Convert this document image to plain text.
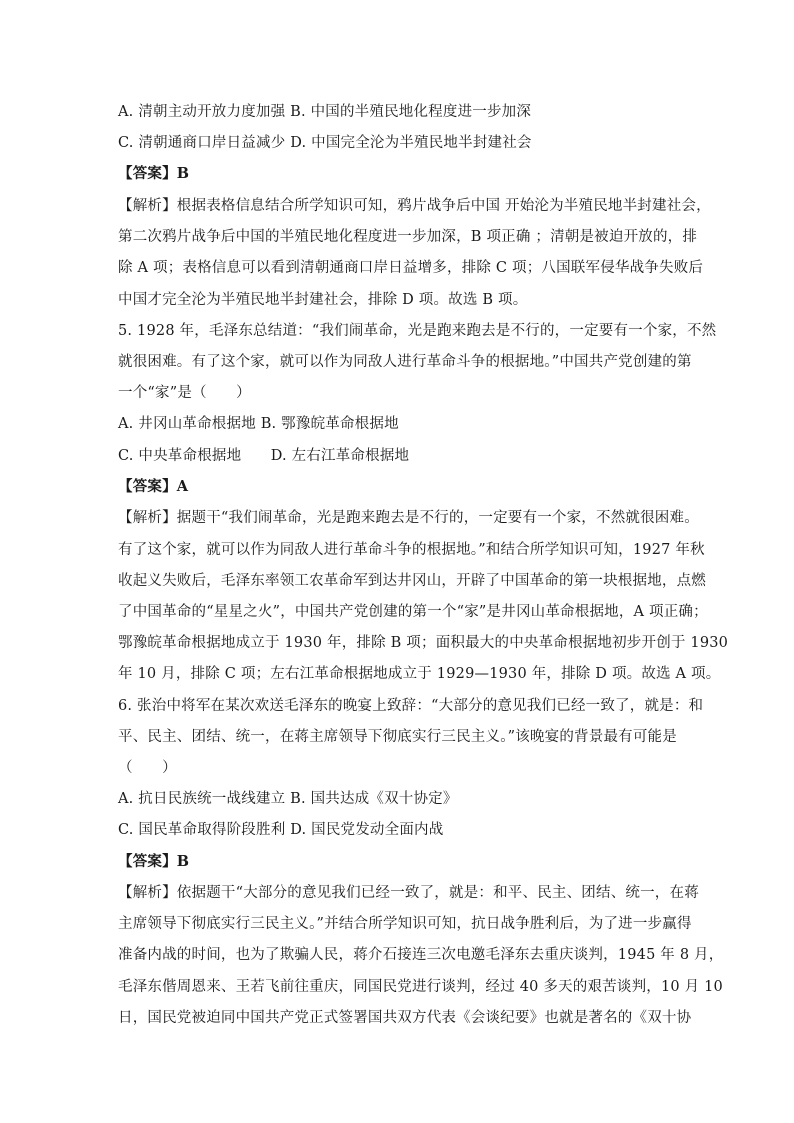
A. 清朝主动开放力度加强 B. 中国的半殖民地化程度进一步加深
C. 清朝通商口岸日益减少 D. 中国完全沦为半殖民地半封建社会
【答案】B
【解析】根据表格信息结合所学知识可知，鸦片战争后中国 开始沦为半殖民地半封建社会，
第二次鸦片战争后中国的半殖民地化程度进一步加深，B 项正确 ；清朝是被迫开放的，排
除 A 项；表格信息可以看到清朝通商口岸日益增多，排除 C 项；八国联军侵华战争失败后
中国才完全沦为半殖民地半封建社会，排除 D 项。故选 B 项。
5. 1928 年，毛泽东总结道：“我们闹革命，光是跑来跑去是不行的，一定要有一个家，不然
就很困难。有了这个家，就可以作为同敌人进行革命斗争的根据地。”中国共产党创建的第
一个“家”是（　　）
A. 井冈山革命根据地 B. 鄂豫皖革命根据地
C. 中央革命根据地　　D. 左右江革命根据地
【答案】A
【解析】据题干“我们闹革命，光是跑来跑去是不行的，一定要有一个家，不然就很困难。
有了这个家，就可以作为同敌人进行革命斗争的根据地。”和结合所学知识可知，1927 年秋
收起义失败后，毛泽东率领工农革命军到达井冈山，开辟了中国革命的第一块根据地，点燃
了中国革命的“星星之火”，中国共产党创建的第一个“家”是井冈山革命根据地，A 项正确；
鄂豫皖革命根据地成立于 1930 年，排除 B 项；面积最大的中央革命根据地初步开创于 1930
年 10 月，排除 C 项；左右江革命根据地成立于 1929—1930 年，排除 D 项。故选 A 项。
6. 张治中将军在某次欢送毛泽东的晚宴上致辞：“大部分的意见我们已经一致了，就是：和
平、民主、团结、统一，在蒋主席领导下彻底实行三民主义。”该晚宴的背景最有可能是
（　　）
A. 抗日民族统一战线建立 B. 国共达成《双十协定》
C. 国民革命取得阶段胜利 D. 国民党发动全面内战
【答案】B
【解析】依据题干“大部分的意见我们已经一致了，就是：和平、民主、团结、统一，在蒋
主席领导下彻底实行三民主义。”并结合所学知识可知，抗日战争胜利后，为了进一步赢得
准备内战的时间，也为了欺骗人民，蒋介石接连三次电邀毛泽东去重庆谈判，1945 年 8 月，
毛泽东偕周恩来、王若飞前往重庆，同国民党进行谈判，经过 40 多天的艰苦谈判，10 月 10
日，国民党被迫同中国共产党正式签署国共双方代表《会谈纪要》也就是著名的《双十协
